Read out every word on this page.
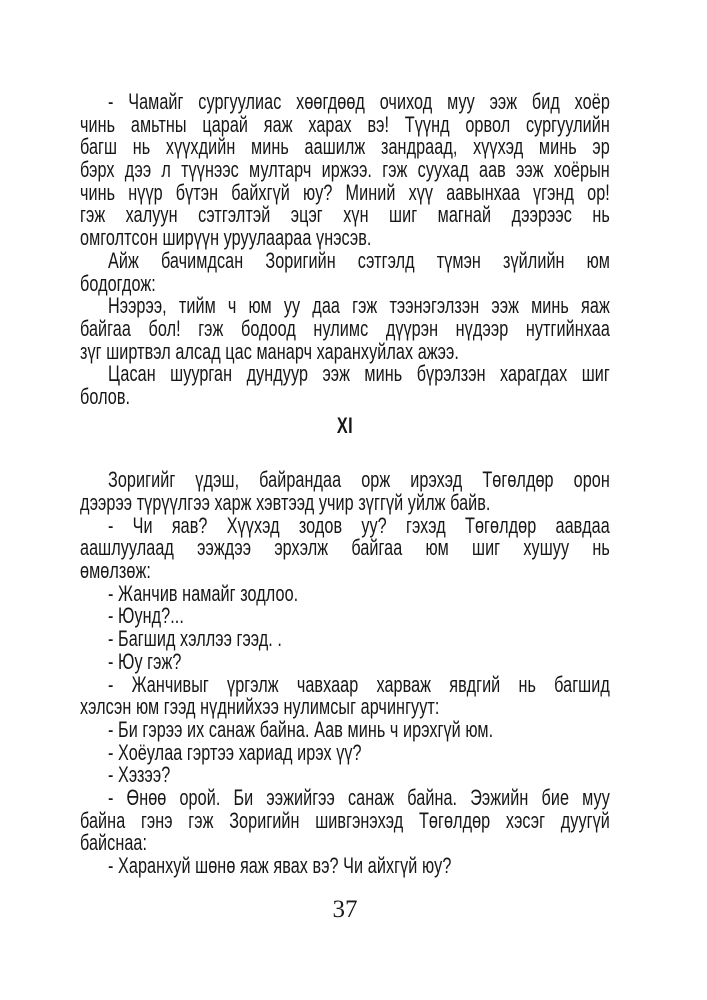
- Чамайг сургуулиас хөөгдөөд очиход муу ээж бид хоёр
чинь амьтны царай яаж харах вэ! Түүнд орвол сургуулийн
багш нь хүүхдийн минь аашилж зандраад, хүүхэд минь эр
бэрх дээ л түүнээс мултарч иржээ. гэж суухад аав ээж хоёрын
чинь нүүр бүтэн байхгүй юу? Миний хүү аавынхаа үгэнд ор!
гэж халуун сэтгэлтэй эцэг хүн шиг магнай дээрээс нь
омголтсон ширүүн уруулаараа үнэсэв.
Айж бачимдсан Зоригийн сэтгэлд түмэн зүйлийн юм
бодогдож:
Нээрээ, тийм ч юм уу даа гэж тээнэгэлзэн ээж минь яаж
байгаа бол! гэж бодоод нулимс дүүрэн нүдээр нутгийнхаа
зүг ширтвэл алсад цас манарч харанхуйлах ажээ.
Цасан шуурган дундуур ээж минь бүрэлзэн харагдах шиг
болов.
XI
Зоригийг үдэш, байрандаа орж ирэхэд Төгөлдөр орон
дээрээ түрүүлгээ харж хэвтээд учир зүггүй уйлж байв.
- Чи яав? Хүүхэд зодов уу? гэхэд Төгөлдөр аавдаа
аашлуулаад ээждээ эрхэлж байгаа юм шиг хушуу нь
өмөлзөж:
- Жанчив намайг зодлоо.
- Юунд?...
- Багшид хэллээ гээд. .
- Юу гэж?
- Жанчивыг үргэлж чавхаар харваж явдгий нь багшид
хэлсэн юм гээд нүднийхээ нулимсыг арчингуут:
- Би гэрээ их санаж байна. Аав минь ч ирэхгүй юм.
- Хоёулаа гэртээ хариад ирэх үү?
- Хэзээ?
- Өнөө орой. Би ээжийгээ санаж байна. Ээжийн бие муу
байна гэнэ гэж Зоригийн шивгэнэхэд Төгөлдөр хэсэг дуугүй
байснаа:
- Харанхуй шөнө яаж явах вэ? Чи айхгүй юу?
37
